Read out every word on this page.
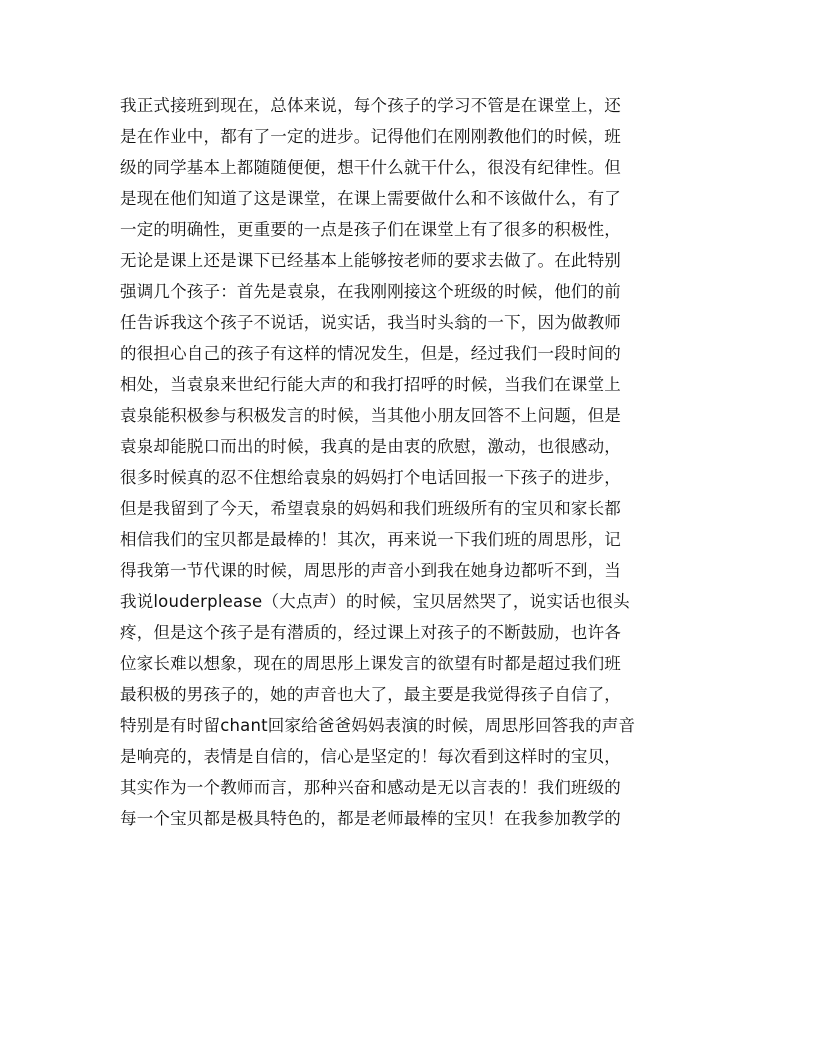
我正式接班到现在，总体来说，每个孩子的学习不管是在课堂上，还
是在作业中，都有了一定的进步。记得他们在刚刚教他们的时候，班
级的同学基本上都随随便便，想干什么就干什么，很没有纪律性。但
是现在他们知道了这是课堂，在课上需要做什么和不该做什么，有了
一定的明确性，更重要的一点是孩子们在课堂上有了很多的积极性，
无论是课上还是课下已经基本上能够按老师的要求去做了。在此特别
强调几个孩子：首先是袁泉，在我刚刚接这个班级的时候，他们的前
任告诉我这个孩子不说话，说实话，我当时头翁的一下，因为做教师
的很担心自己的孩子有这样的情况发生，但是，经过我们一段时间的
相处，当袁泉来世纪行能大声的和我打招呼的时候，当我们在课堂上
袁泉能积极参与积极发言的时候，当其他小朋友回答不上问题，但是
袁泉却能脱口而出的时候，我真的是由衷的欣慰，激动，也很感动，
很多时候真的忍不住想给袁泉的妈妈打个电话回报一下孩子的进步，
但是我留到了今天，希望袁泉的妈妈和我们班级所有的宝贝和家长都
相信我们的宝贝都是最棒的！其次，再来说一下我们班的周思彤，记
得我第一节代课的时候，周思彤的声音小到我在她身边都听不到，当
我说louderplease（大点声）的时候，宝贝居然哭了，说实话也很头
疼，但是这个孩子是有潜质的，经过课上对孩子的不断鼓励，也许各
位家长难以想象，现在的周思彤上课发言的欲望有时都是超过我们班
最积极的男孩子的，她的声音也大了，最主要是我觉得孩子自信了，
特别是有时留chant回家给爸爸妈妈表演的时候，周思彤回答我的声音
是响亮的，表情是自信的，信心是坚定的！每次看到这样时的宝贝，
其实作为一个教师而言，那种兴奋和感动是无以言表的！我们班级的
每一个宝贝都是极具特色的，都是老师最棒的宝贝！在我参加教学的
